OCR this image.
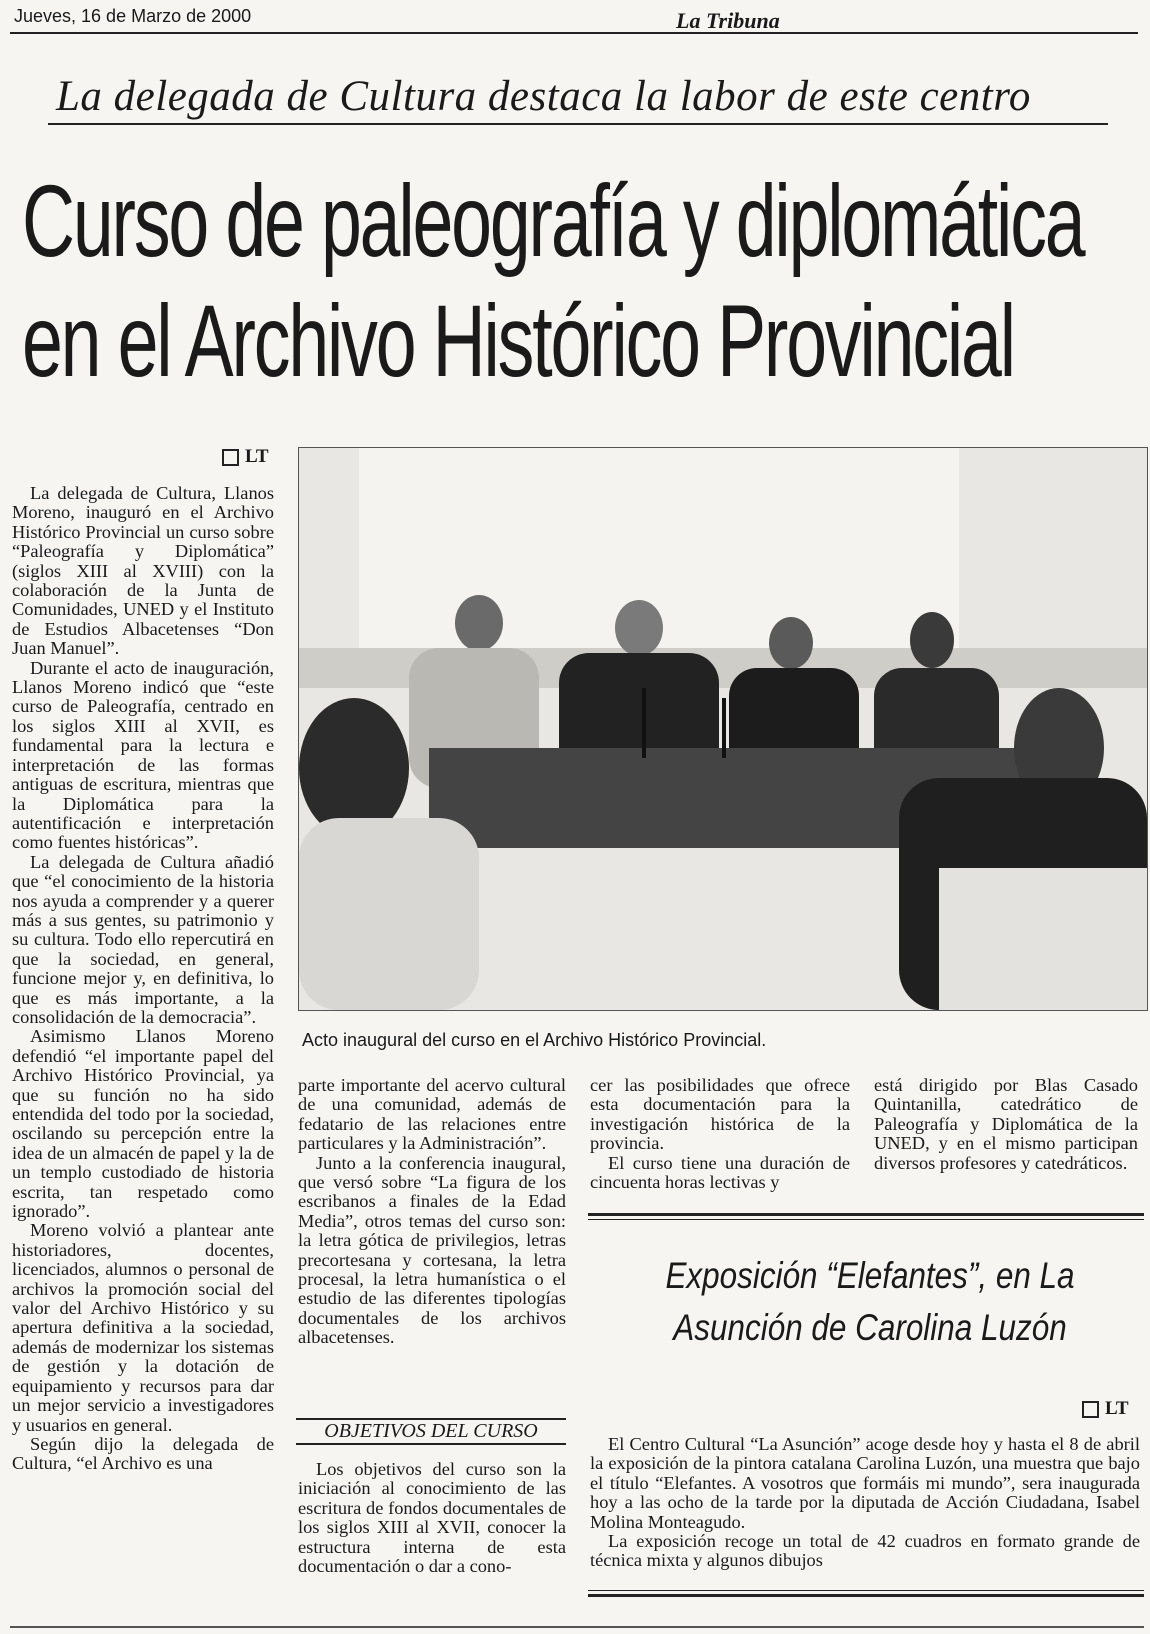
Jueves, 16 de Marzo de 2000	La Tribuna
La delegada de Cultura destaca la labor de este centro
Curso de paleografía y diplomática
en el Archivo Histórico Provincial
LT

La delegada de Cultura, Llanos Moreno, inauguró en el Archivo Histórico Provincial un curso sobre “Paleografía y Diplomática” (siglos XIII al XVIII) con la colaboración de la Junta de Comunidades, UNED y el Instituto de Estudios Albacetenses “Don Juan Manuel”.

Durante el acto de inauguración, Llanos Moreno indicó que “este curso de Paleografía, centrado en los siglos XIII al XVII, es fundamental para la lectura e interpretación de las formas antiguas de escritura, mientras que la Diplomática para la autentificación e interpretación como fuentes históricas”.

La delegada de Cultura añadió que “el conocimiento de la historia nos ayuda a comprender y a querer más a sus gentes, su patrimonio y su cultura. Todo ello repercutirá en que la sociedad, en general, funcione mejor y, en definitiva, lo que es más importante, a la consolidación de la democracia”.

Asimismo Llanos Moreno defendió “el importante papel del Archivo Histórico Provincial, ya que su función no ha sido entendida del todo por la sociedad, oscilando su percepción entre la idea de un almacén de papel y la de un templo custodiado de historia escrita, tan respetado como ignorado”.

Moreno volvió a plantear ante historiadores, docentes, licenciados, alumnos o personal de archivos la promoción social del valor del Archivo Histórico y su apertura definitiva a la sociedad, además de modernizar los sistemas de gestión y la dotación de equipamiento y recursos para dar un mejor servicio a investigadores y usuarios en general.

Según dijo la delegada de Cultura, “el Archivo es una

Acto inaugural del curso en el Archivo Histórico Provincial.

parte importante del acervo cultural de una comunidad, además de fedatario de las relaciones entre particulares y la Administración”.

Junto a la conferencia inaugural, que versó sobre “La figura de los escribanos a finales de la Edad Media”, otros temas del curso son: la letra gótica de privilegios, letras precortesana y cortesana, la letra procesal, la letra humanística o el estudio de las diferentes tipologías documentales de los archivos albacetenses.

OBJETIVOS DEL CURSO

Los objetivos del curso son la iniciación al conocimiento de las escritura de fondos documentales de los siglos XIII al XVII, conocer la estructura interna de esta documentación o dar a cono-

cer las posibilidades que ofrece esta documentación para la investigación histórica de la provincia.

El curso tiene una duración de cincuenta horas lectivas y

está dirigido por Blas Casado Quintanilla, catedrático de Paleografía y Diplomática de la UNED, y en el mismo participan diversos profesores y catedráticos.

Exposición “Elefantes”, en La Asunción de Carolina Luzón
LT

El Centro Cultural “La Asunción” acoge desde hoy y hasta el 8 de abril la exposición de la pintora catalana Carolina Luzón, una muestra que bajo el título “Elefantes. A vosotros que formáis mi mundo”, sera inaugurada hoy a las ocho de la tarde por la diputada de Acción Ciudadana, Isabel Molina Monteagudo.

La exposición recoge un total de 42 cuadros en formato grande de técnica mixta y algunos dibujos
